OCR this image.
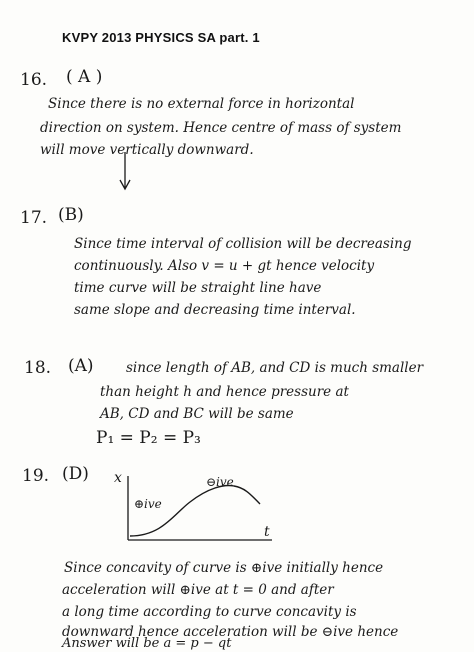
KVPY 2013 PHYSICS SA part. 1
16. ( A )
Since there is no external force in horizontal
direction on system. Hence centre of mass of system
will move vertically downward.
17. (B)
Since time interval of collision will be decreasing
continuously. Also v = u + gt hence velocity
time curve will be straight line have
same slope and decreasing time interval.
18. (A) since length of AB, and CD is much smaller
than height h and hence pressure at
AB, CD and BC will be same
P₁ = P₂ = P₃
19. (D) x
t
⊕ive
⊖ive
Since concavity of curve is ⊕ive initially hence
acceleration will ⊕ive at t = 0 and after
a long time according to curve concavity is
downward hence acceleration will be ⊖ive hence
Answer will be a = p − qt
